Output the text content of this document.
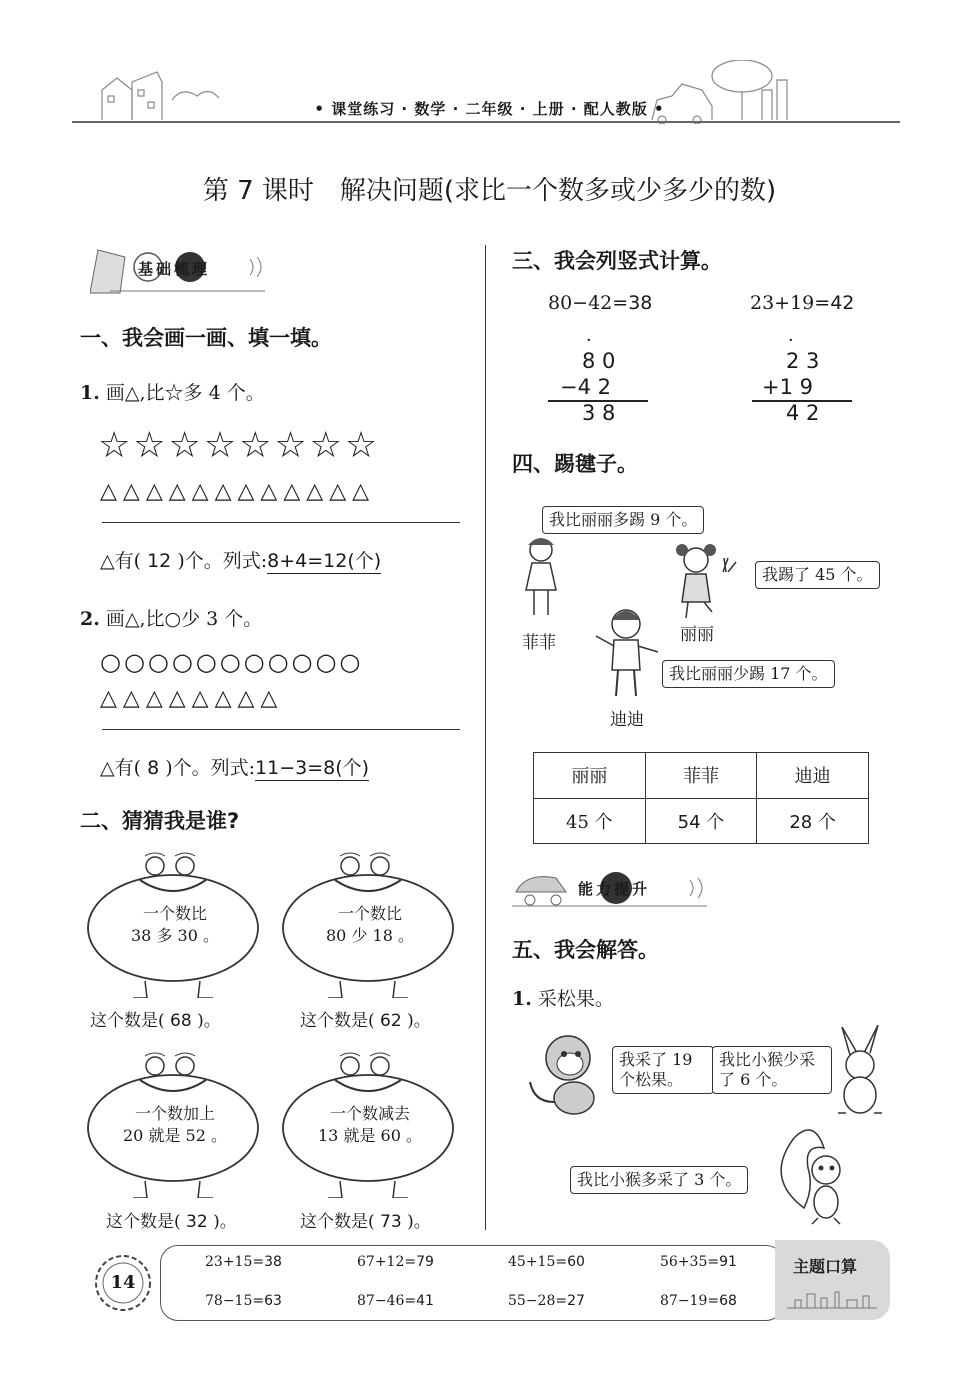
• 课堂练习 · 数学 · 二年级 · 上册 · 配人教版 •
第 7 课时　解决问题(求比一个数多或少多少的数)
基础梳理
一、我会画一画、填一填。
1. 画△,比☆多 4 个。
☆☆☆☆☆☆☆☆
△△△△△△△△△△△△
△有( 12 )个。列式:8+4=12(个)
2. 画△,比○少 3 个。
○○○○○○○○○○○
△△△△△△△△
△有( 8 )个。列式:11−3=8(个)
二、猜猜我是谁?
一个数比
38 多 30 。
一个数比
80 少 18 。
一个数加上
20 就是 52 。
一个数减去
13 就是 60 。
这个数是( 68 )。	这个数是( 62 )。
这个数是( 32 )。	这个数是( 73 )。
三、我会列竖式计算。
80−42=38	23+19=42
·
8 0
−4 2
3 8
·
2 3
+1 9
4 2
四、踢毽子。
我比丽丽多踢 9 个。
我踢了 45 个。
我比丽丽少踢 17 个。
菲菲	丽丽
迪迪
丽丽	菲菲	迪迪
45 个	54 个	28 个
能力提升
五、我会解答。
1. 采松果。
我采了 19 个松果。
我比小猴少采了 6 个。
我比小猴多采了 3 个。
14
主题口算
23+15=38	67+12=79	45+15=60	56+35=91
78−15=63	87−46=41	55−28=27	87−19=68
